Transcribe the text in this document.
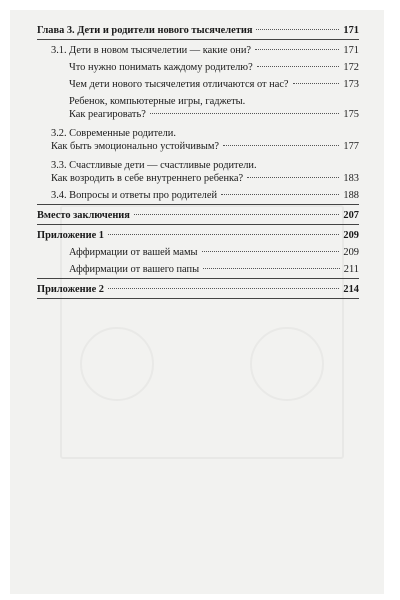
Глава 3. Дети и родители нового тысячелетия	171
3.1. Дети в новом тысячелетии — какие они?	171
Что нужно понимать каждому родителю?	172
Чем дети нового тысячелетия отличаются от нас?	173
Ребенок, компьютерные игры, гаджеты.
Как реагировать?	175
3.2. Современные родители.
Как быть эмоционально устойчивым?	177
3.3. Счастливые дети — счастливые родители.
Как возродить в себе внутреннего ребенка?	183
3.4. Вопросы и ответы про родителей	188
Вместо заключения	207
Приложение 1	209
Аффирмации от вашей мамы	209
Аффирмации от вашего папы	211
Приложение 2	214
